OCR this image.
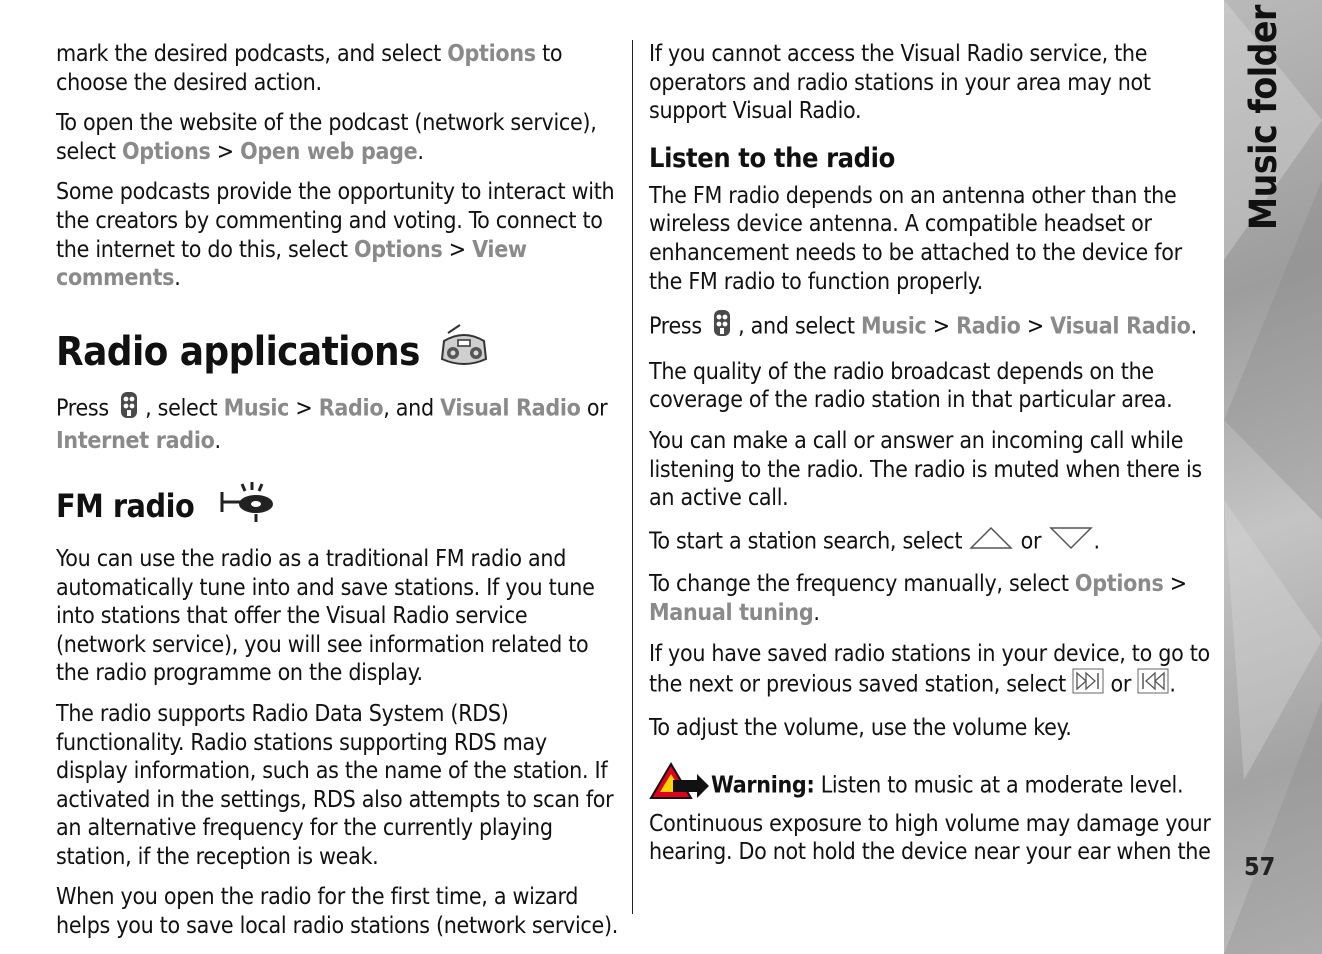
mark the desired podcasts, and select Options to choose the desired action.

To open the website of the podcast (network service), select Options > Open web page.

Some podcasts provide the opportunity to interact with the creators by commenting and voting. To connect to the internet to do this, select Options > View comments.

Radio applications

Press , select Music > Radio, and Visual Radio or Internet radio.

FM radio

You can use the radio as a traditional FM radio and automatically tune into and save stations. If you tune into stations that offer the Visual Radio service (network service), you will see information related to the radio programme on the display.

The radio supports Radio Data System (RDS) functionality. Radio stations supporting RDS may display information, such as the name of the station. If activated in the settings, RDS also attempts to scan for an alternative frequency for the currently playing station, if the reception is weak.

When you open the radio for the first time, a wizard helps you to save local radio stations (network service).

If you cannot access the Visual Radio service, the operators and radio stations in your area may not support Visual Radio.

Listen to the radio

The FM radio depends on an antenna other than the wireless device antenna. A compatible headset or enhancement needs to be attached to the device for the FM radio to function properly.

Press , and select Music > Radio > Visual Radio.

The quality of the radio broadcast depends on the coverage of the radio station in that particular area.

You can make a call or answer an incoming call while listening to the radio. The radio is muted when there is an active call.

To start a station search, select  or .

To change the frequency manually, select Options > Manual tuning.

If you have saved radio stations in your device, to go to the next or previous saved station, select  or .

To adjust the volume, use the volume key.

Warning: Listen to music at a moderate level. Continuous exposure to high volume may damage your hearing. Do not hold the device near your ear when the

Music folder
57
